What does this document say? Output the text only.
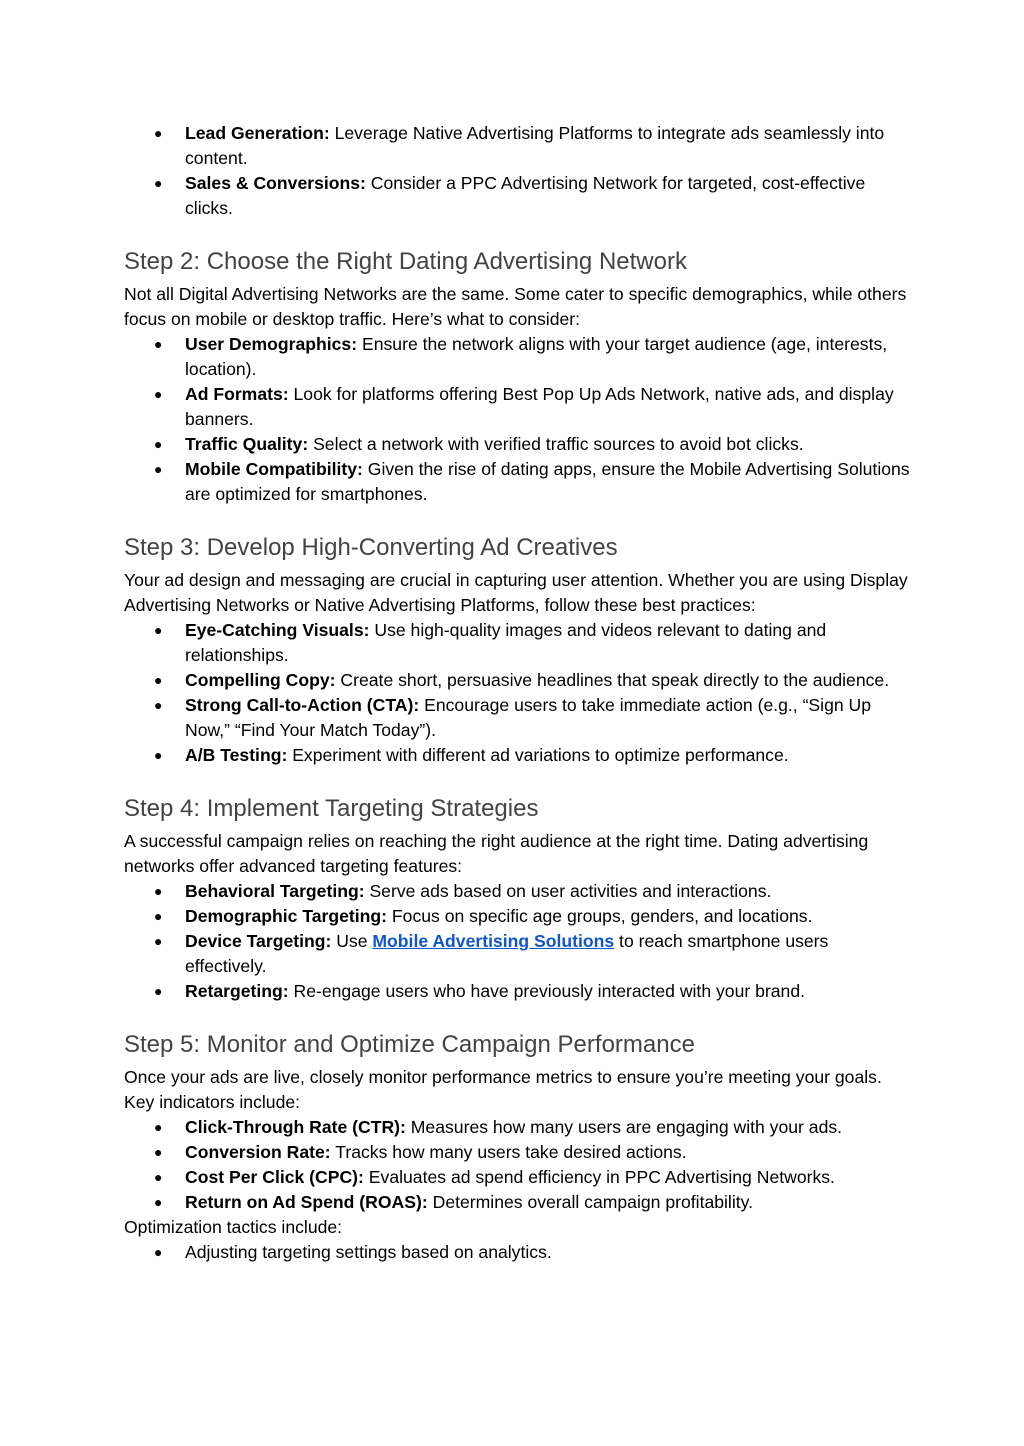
● Lead Generation: Leverage Native Advertising Platforms to integrate ads seamlessly into content.
● Sales & Conversions: Consider a PPC Advertising Network for targeted, cost-effective clicks.
Step 2: Choose the Right Dating Advertising Network

Not all Digital Advertising Networks are the same. Some cater to specific demographics, while others focus on mobile or desktop traffic. Here’s what to consider:

● User Demographics: Ensure the network aligns with your target audience (age, interests, location).
● Ad Formats: Look for platforms offering Best Pop Up Ads Network, native ads, and display banners.
● Traffic Quality: Select a network with verified traffic sources to avoid bot clicks.
● Mobile Compatibility: Given the rise of dating apps, ensure the Mobile Advertising Solutions are optimized for smartphones.
Step 3: Develop High-Converting Ad Creatives

Your ad design and messaging are crucial in capturing user attention. Whether you are using Display Advertising Networks or Native Advertising Platforms, follow these best practices:

● Eye-Catching Visuals: Use high-quality images and videos relevant to dating and relationships.
● Compelling Copy: Create short, persuasive headlines that speak directly to the audience.
● Strong Call-to-Action (CTA): Encourage users to take immediate action (e.g., “Sign Up Now,” “Find Your Match Today”).
● A/B Testing: Experiment with different ad variations to optimize performance.
Step 4: Implement Targeting Strategies

A successful campaign relies on reaching the right audience at the right time. Dating advertising networks offer advanced targeting features:

● Behavioral Targeting: Serve ads based on user activities and interactions.
● Demographic Targeting: Focus on specific age groups, genders, and locations.
● Device Targeting: Use Mobile Advertising Solutions to reach smartphone users effectively.
● Retargeting: Re-engage users who have previously interacted with your brand.
Step 5: Monitor and Optimize Campaign Performance

Once your ads are live, closely monitor performance metrics to ensure you’re meeting your goals. Key indicators include:

● Click-Through Rate (CTR): Measures how many users are engaging with your ads.
● Conversion Rate: Tracks how many users take desired actions.
● Cost Per Click (CPC): Evaluates ad spend efficiency in PPC Advertising Networks.
● Return on Ad Spend (ROAS): Determines overall campaign profitability.

Optimization tactics include:

● Adjusting targeting settings based on analytics.
